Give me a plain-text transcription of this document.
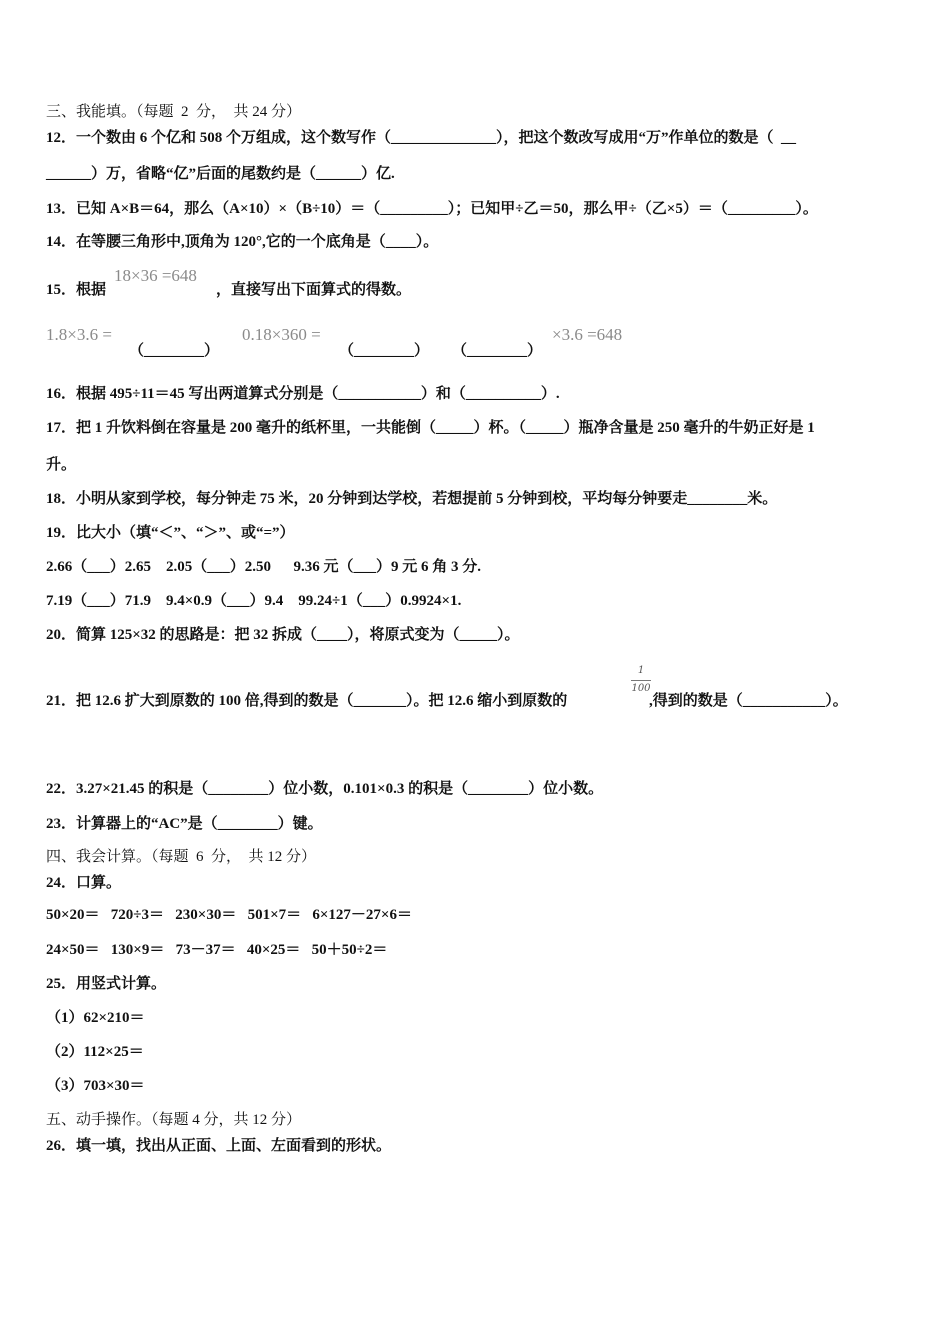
三、我能填。（每题  2  分，  共 24 分）
12．一个数由 6 个亿和 508 个万组成，这个数写作（______________），把这个数改写成用“万”作单位的数是（  __
______）万，省略“亿”后面的尾数约是（______）亿.
13．已知 A×B＝64，那么（A×10）×（B÷10）＝（_________）；已知甲÷乙＝50，那么甲÷（乙×5）＝（_________）。
14．在等腰三角形中,顶角为 120°,它的一个底角是（____）。
15．根据
18×36 =648
，直接写出下面算式的得数。
1.8×3.6 =
（________）
0.18×360 =
（________） （________）
×3.6 =648
16．根据 495÷11＝45 写出两道算式分别是（___________）和（__________）.
17．把 1 升饮料倒在容量是 200 毫升的纸杯里，一共能倒（_____）杯。（_____）瓶净含量是 250 毫升的牛奶正好是 1
升。
18．小明从家到学校，每分钟走 75 米，20 分钟到达学校，若想提前 5 分钟到校，平均每分钟要走________米。
19．比大小（填“＜”、“＞”、或“=”）
2.66（___）2.65    2.05（___）2.50      9.36 元（___）9 元 6 角 3 分.
7.19（___）71.9    9.4×0.9（___）9.4    99.24÷1（___）0.9924×1.
20．简算 125×32 的思路是：把 32 拆成（____），将原式变为（_____）。
21．把 12.6 扩大到原数的 100 倍,得到的数是（_______）。把 12.6 缩小到原数的
1
100
,得到的数是（___________）。
22．3.27×21.45 的积是（________）位小数，0.101×0.3 的积是（________）位小数。
23．计算器上的“AC”是（________）键。
四、我会计算。（每题  6  分，  共 12 分）
24．口算。
50×20＝   720÷3＝   230×30＝   501×7＝   6×127－27×6＝
24×50＝   130×9＝   73－37＝   40×25＝   50＋50÷2＝
25．用竖式计算。
（1）62×210＝
（2）112×25＝
（3）703×30＝
五、动手操作。（每题 4 分，共 12 分）
26．填一填，找出从正面、上面、左面看到的形状。
